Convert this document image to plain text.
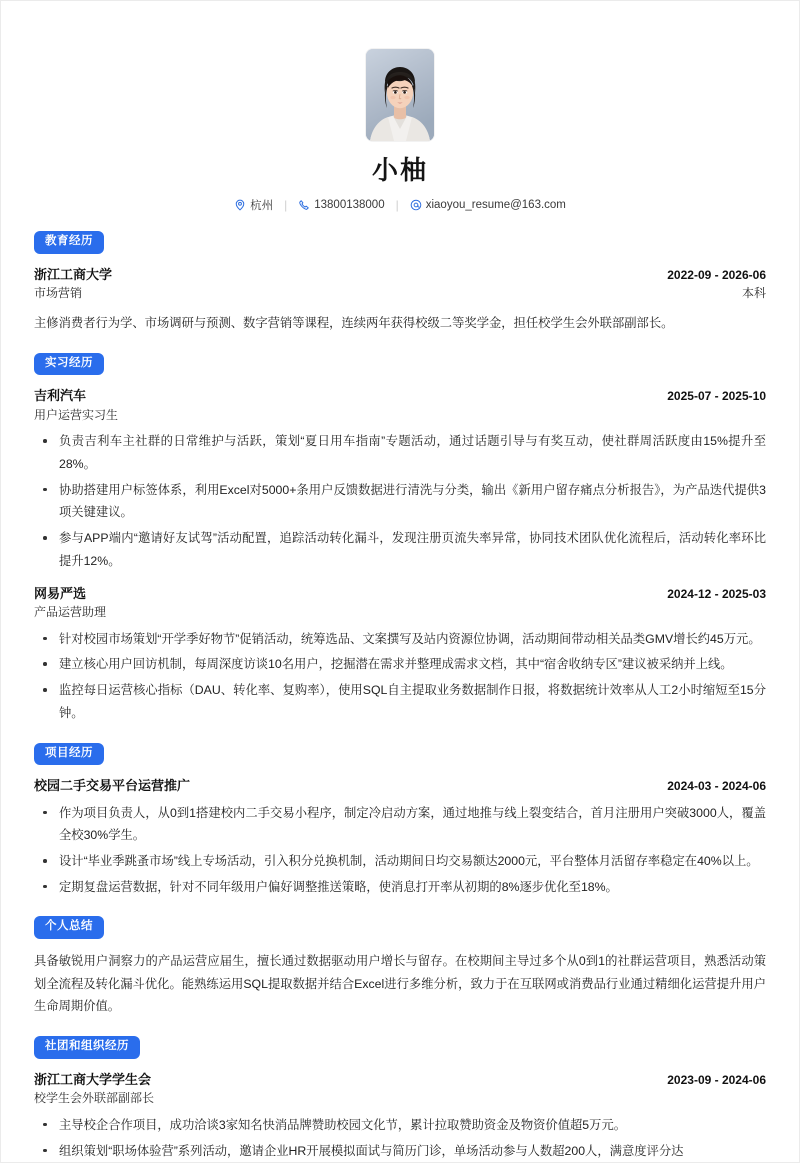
小柚
杭州 | 13800138000 | xiaoyou_resume@163.com
教育经历
浙江工商大学	2022-09 - 2026-06
市场营销	本科
主修消费者行为学、市场调研与预测、数字营销等课程，连续两年获得校级二等奖学金，担任校学生会外联部副部长。
实习经历
吉利汽车	2025-07 - 2025-10
用户运营实习生
负责吉利车主社群的日常维护与活跃，策划“夏日用车指南”专题活动，通过话题引导与有奖互动，使社群周活跃度由15%提升至28%。
协助搭建用户标签体系，利用Excel对5000+条用户反馈数据进行清洗与分类，输出《新用户留存痛点分析报告》，为产品迭代提供3项关键建议。
参与APP端内“邀请好友试驾”活动配置，追踪活动转化漏斗，发现注册页流失率异常，协同技术团队优化流程后，活动转化率环比提升12%。
网易严选	2024-12 - 2025-03
产品运营助理
针对校园市场策划“开学季好物节”促销活动，统筹选品、文案撰写及站内资源位协调，活动期间带动相关品类GMV增长约45万元。
建立核心用户回访机制，每周深度访谈10名用户，挖掘潜在需求并整理成需求文档，其中“宿舍收纳专区”建议被采纳并上线。
监控每日运营核心指标（DAU、转化率、复购率），使用SQL自主提取业务数据制作日报，将数据统计效率从人工2小时缩短至15分钟。
项目经历
校园二手交易平台运营推广	2024-03 - 2024-06
作为项目负责人，从0到1搭建校内二手交易小程序，制定冷启动方案，通过地推与线上裂变结合，首月注册用户突破3000人，覆盖全校30%学生。
设计“毕业季跳蚤市场”线上专场活动，引入积分兑换机制，活动期间日均交易额达2000元，平台整体月活留存率稳定在40%以上。
定期复盘运营数据，针对不同年级用户偏好调整推送策略，使消息打开率从初期的8%逐步优化至18%。
个人总结
具备敏锐用户洞察力的产品运营应届生，擅长通过数据驱动用户增长与留存。在校期间主导过多个从0到1的社群运营项目，熟悉活动策划全流程及转化漏斗优化。能熟练运用SQL提取数据并结合Excel进行多维分析，致力于在互联网或消费品行业通过精细化运营提升用户生命周期价值。
社团和组织经历
浙江工商大学学生会	2023-09 - 2024-06
校学生会外联部副部长
主导校企合作项目，成功洽谈3家知名快消品牌赞助校园文化节，累计拉取赞助资金及物资价值超5万元。
组织策划“职场体验营”系列活动，邀请企业HR开展模拟面试与简历门诊，单场活动参与人数超200人，满意度评分达
